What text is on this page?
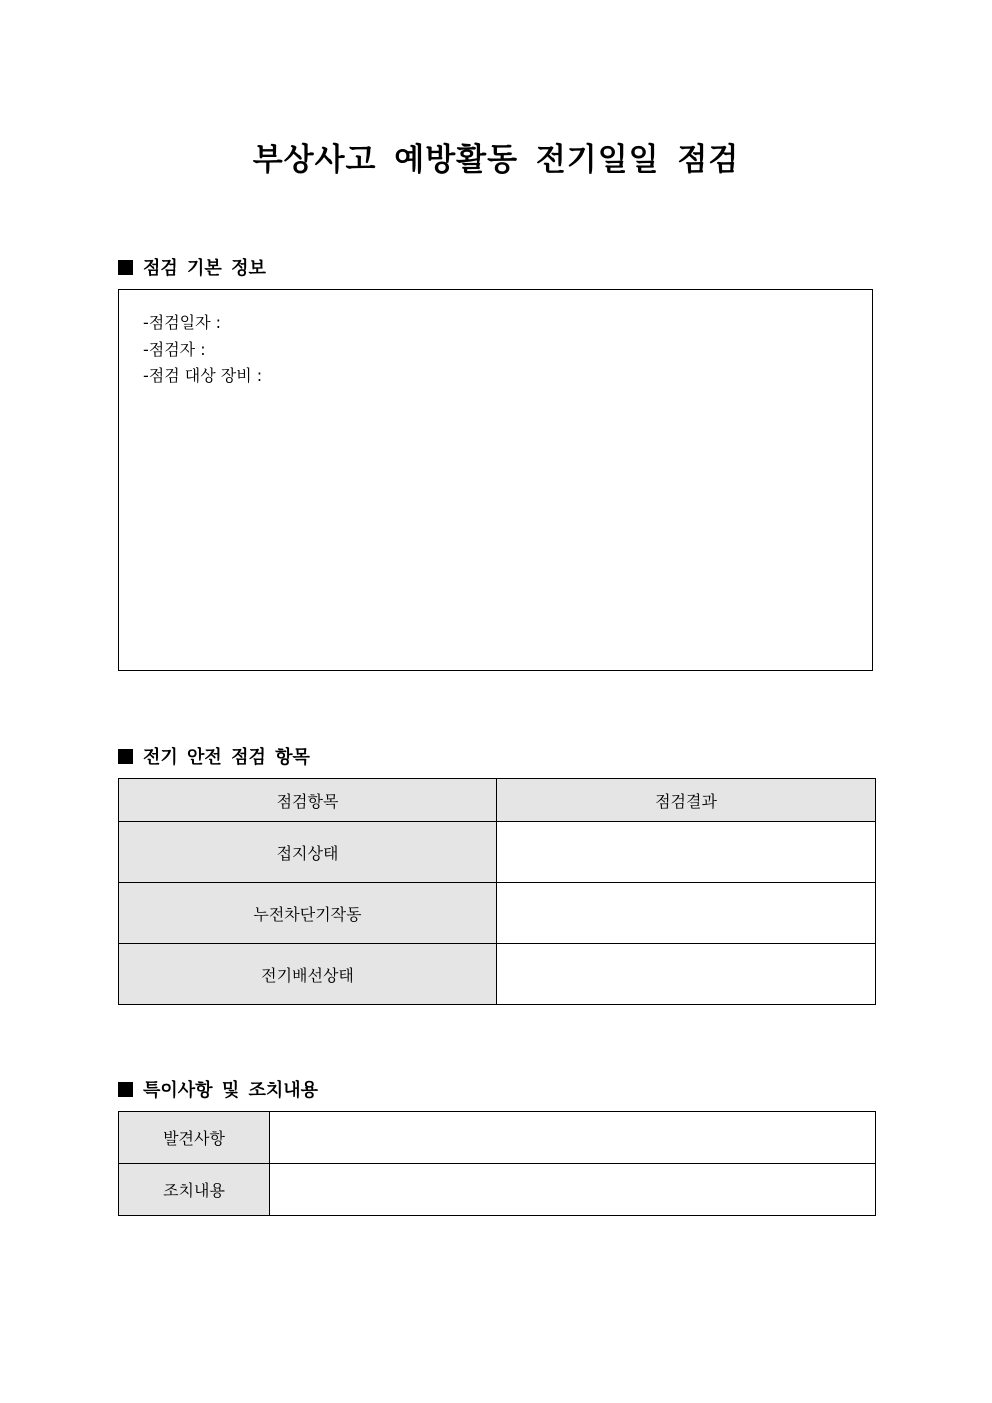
부상사고 예방활동 전기일일 점검
점검 기본 정보
-점검일자 :
-점검자 :
-점검 대상 장비 :
전기 안전 점검 항목
점검항목	점검결과
접지상태	
누전차단기작동	
전기배선상태	
특이사항 및 조치내용
발견사항	
조치내용	
